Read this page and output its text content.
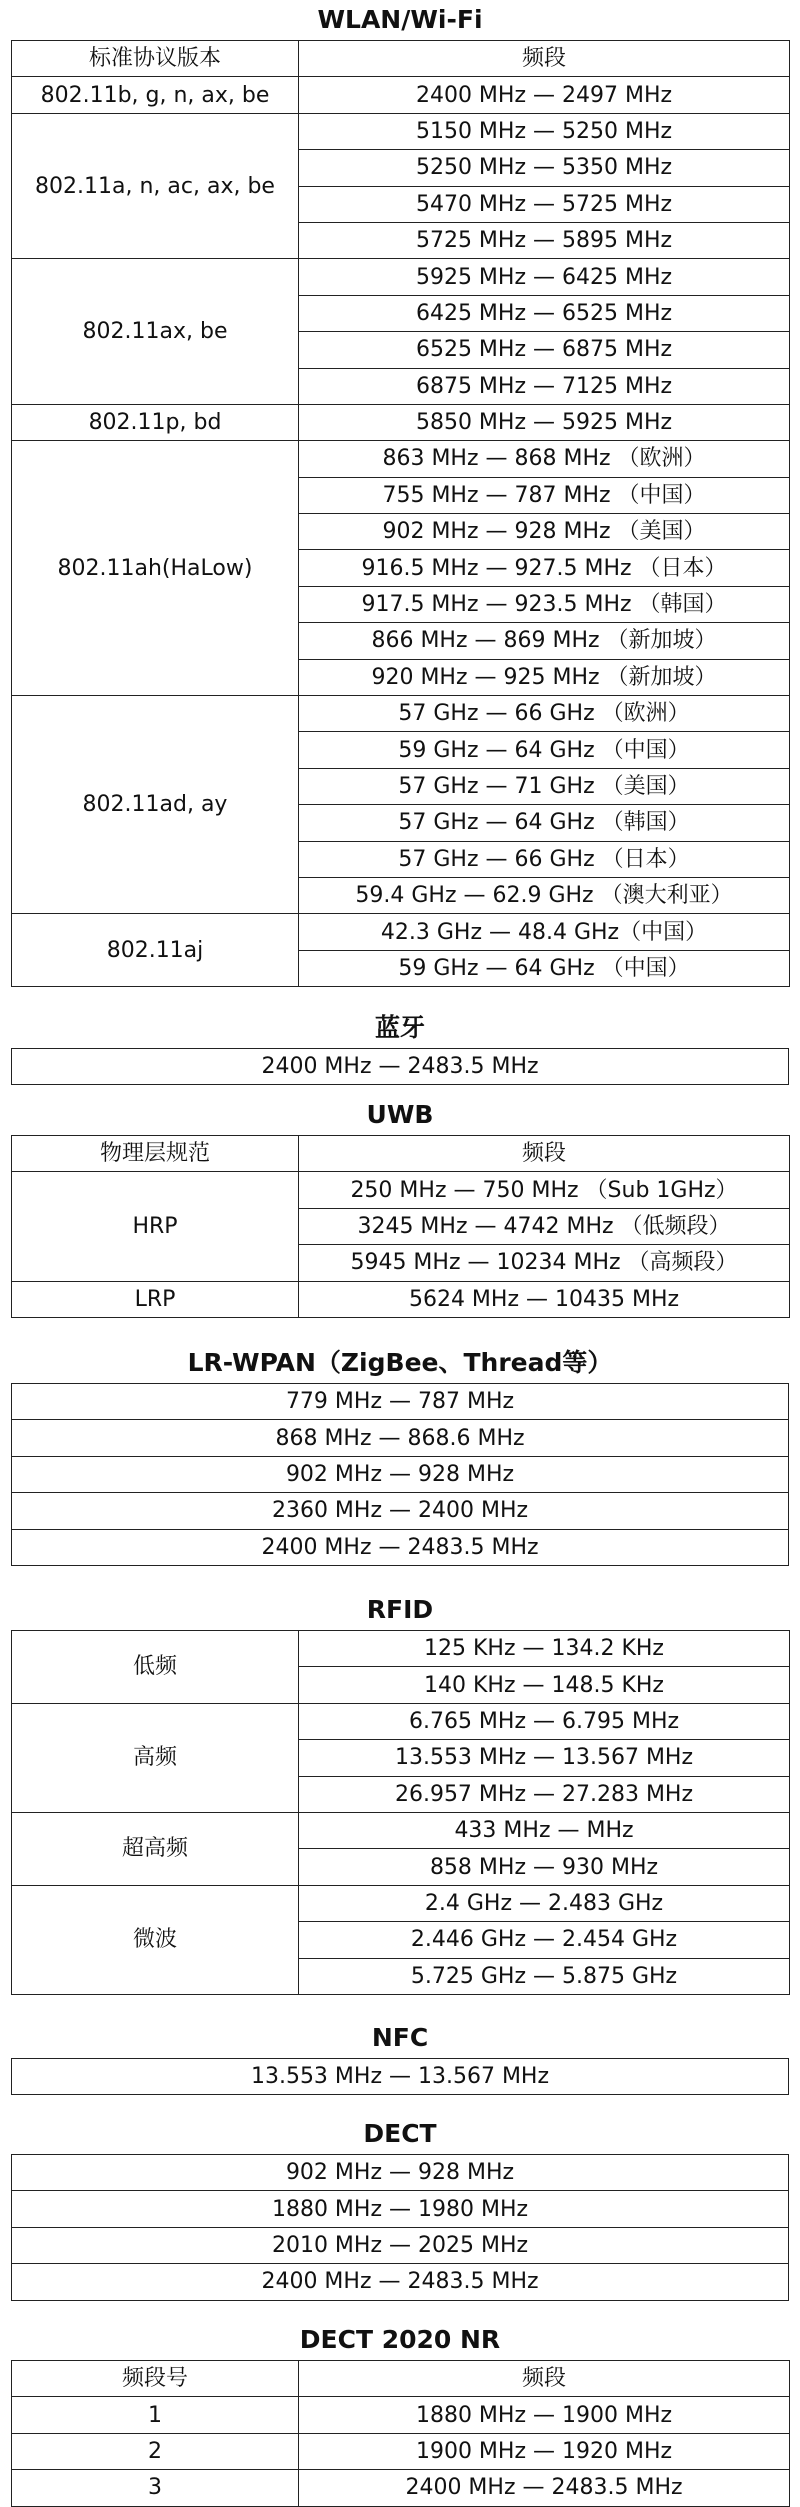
WLAN/Wi-Fi
标准协议版本	频段
802.11b, g, n, ax, be	2400 MHz — 2497 MHz
802.11a, n, ac, ax, be	5150 MHz — 5250 MHz
	5250 MHz — 5350 MHz
	5470 MHz — 5725 MHz
	5725 MHz — 5895 MHz
802.11ax, be	5925 MHz — 6425 MHz
	6425 MHz — 6525 MHz
	6525 MHz — 6875 MHz
	6875 MHz — 7125 MHz
802.11p, bd	5850 MHz — 5925 MHz
802.11ah(HaLow)	863 MHz — 868 MHz （欧洲）
	755 MHz — 787 MHz （中国）
	902 MHz — 928 MHz （美国）
	916.5 MHz — 927.5 MHz （日本）
	917.5 MHz — 923.5 MHz （韩国）
	866 MHz — 869 MHz （新加坡）
	920 MHz — 925 MHz （新加坡）
802.11ad, ay	57 GHz — 66 GHz （欧洲）
	59 GHz — 64 GHz （中国）
	57 GHz — 71 GHz （美国）
	57 GHz — 64 GHz （韩国）
	57 GHz — 66 GHz （日本）
	59.4 GHz — 62.9 GHz （澳大利亚）
802.11aj	42.3 GHz — 48.4 GHz（中国）
	59 GHz — 64 GHz （中国）
蓝牙
2400 MHz — 2483.5 MHz
UWB
物理层规范	频段
HRP	250 MHz — 750 MHz （Sub 1GHz）
	3245 MHz — 4742 MHz （低频段）
	5945 MHz — 10234 MHz （高频段）
LRP	5624 MHz — 10435 MHz
LR-WPAN（ZigBee、Thread等）
779 MHz — 787 MHz
868 MHz — 868.6 MHz
902 MHz — 928 MHz
2360 MHz — 2400 MHz
2400 MHz — 2483.5 MHz
RFID
低频	125 KHz — 134.2 KHz
	140 KHz — 148.5 KHz
高频	6.765 MHz — 6.795 MHz
	13.553 MHz — 13.567 MHz
	26.957 MHz — 27.283 MHz
超高频	433 MHz — MHz
	858 MHz — 930 MHz
微波	2.4 GHz — 2.483 GHz
	2.446 GHz — 2.454 GHz
	5.725 GHz — 5.875 GHz
NFC
13.553 MHz — 13.567 MHz
DECT
902 MHz — 928 MHz
1880 MHz — 1980 MHz
2010 MHz — 2025 MHz
2400 MHz — 2483.5 MHz
DECT 2020 NR
频段号	频段
1	1880 MHz — 1900 MHz
2	1900 MHz — 1920 MHz
3	2400 MHz — 2483.5 MHz
